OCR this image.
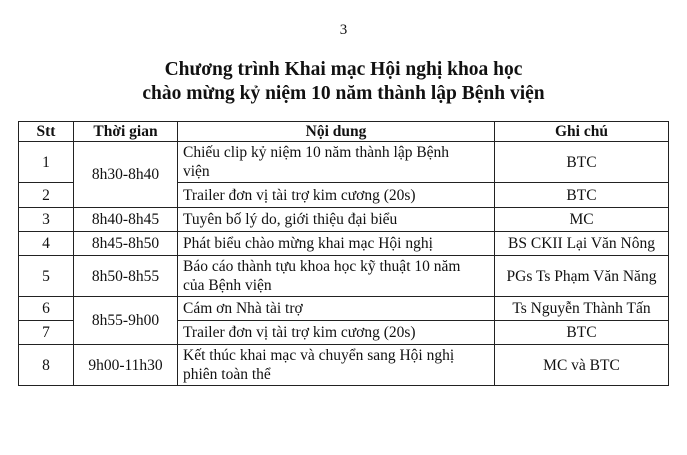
3
Chương trình Khai mạc Hội nghị khoa học
chào mừng kỷ niệm 10 năm thành lập Bệnh viện
Stt	Thời gian	Nội dung	Ghi chú
1	8h30-8h40	Chiếu clip kỷ niệm 10 năm thành lập Bệnh
viện	BTC
2		Trailer đơn vị tài trợ kim cương (20s)	BTC
3	8h40-8h45	Tuyên bố lý do, giới thiệu đại biểu	MC
4	8h45-8h50	Phát biểu chào mừng khai mạc Hội nghị	BS CKII Lại Văn Nông
5	8h50-8h55	Báo cáo thành tựu khoa học kỹ thuật 10 năm
của Bệnh viện	PGs Ts Phạm Văn Năng
6	8h55-9h00	Cám ơn Nhà tài trợ	Ts Nguyễn Thành Tấn
7		Trailer đơn vị tài trợ kim cương (20s)	BTC
8	9h00-11h30	Kết thúc khai mạc và chuyển sang Hội nghị
phiên toàn thể	MC và BTC
